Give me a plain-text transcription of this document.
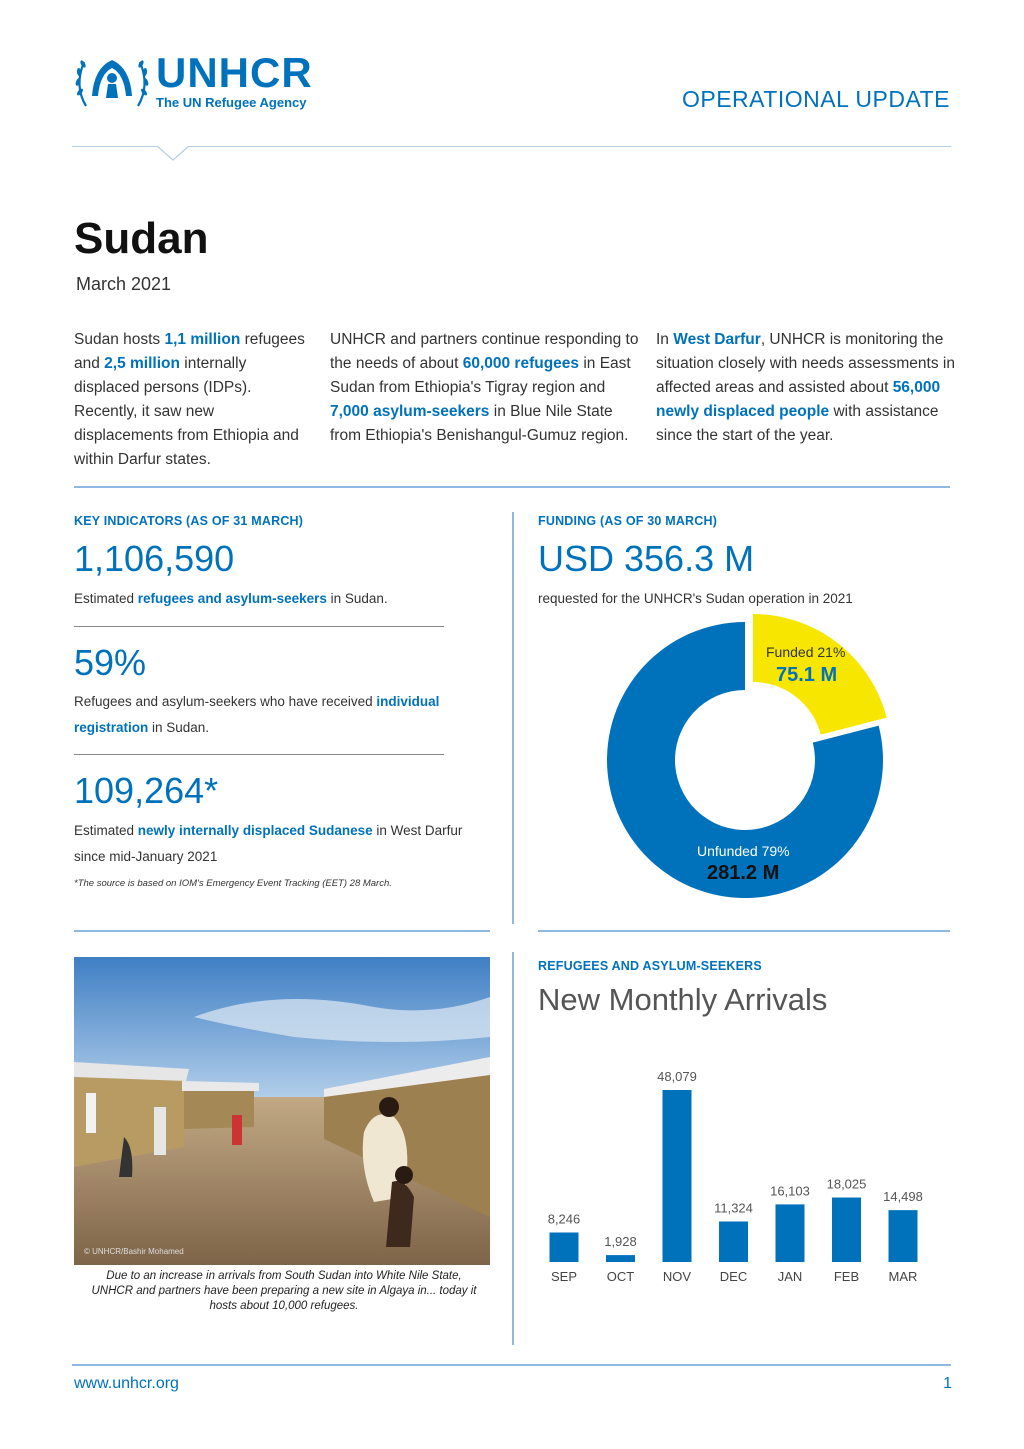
UNHCR
The UN Refugee Agency	OPERATIONAL UPDATE
Sudan
March 2021
Sudan hosts 1,1 million refugees and 2,5 million internally displaced persons (IDPs). Recently, it saw new displacements from Ethiopia and within Darfur states.
UNHCR and partners continue responding to the needs of about 60,000 refugees in East Sudan from Ethiopia's Tigray region and 7,000 asylum-seekers in Blue Nile State from Ethiopia's Benishangul-Gumuz region.
In West Darfur, UNHCR is monitoring the situation closely with needs assessments in affected areas and assisted about 56,000 newly displaced people with assistance since the start of the year.
KEY INDICATORS (AS OF 31 MARCH)
1,106,590
Estimated refugees and asylum-seekers in Sudan.
59%
Refugees and asylum-seekers who have received individual registration in Sudan.
109,264*
Estimated newly internally displaced Sudanese in West Darfur since mid-January 2021
*The source is based on IOM's Emergency Event Tracking (EET) 28 March.
FUNDING (AS OF 30 MARCH)
USD 356.3 M
requested for the UNHCR's Sudan operation in 2021
Funded 21%
75.1 M
Unfunded 79%
281.2 M
© UNHCR/Bashir Mohamed
Due to an increase in arrivals from South Sudan into White Nile State, UNHCR and partners have been preparing a new site in Algaya in... today it hosts about 10,000 refugees.
REFUGEES AND ASYLUM-SEEKERS
New Monthly Arrivals
8,246
SEP
1,928
OCT
48,079
NOV
11,324
DEC
16,103
JAN
18,025
FEB
14,498
MAR
www.unhcr.org	1
